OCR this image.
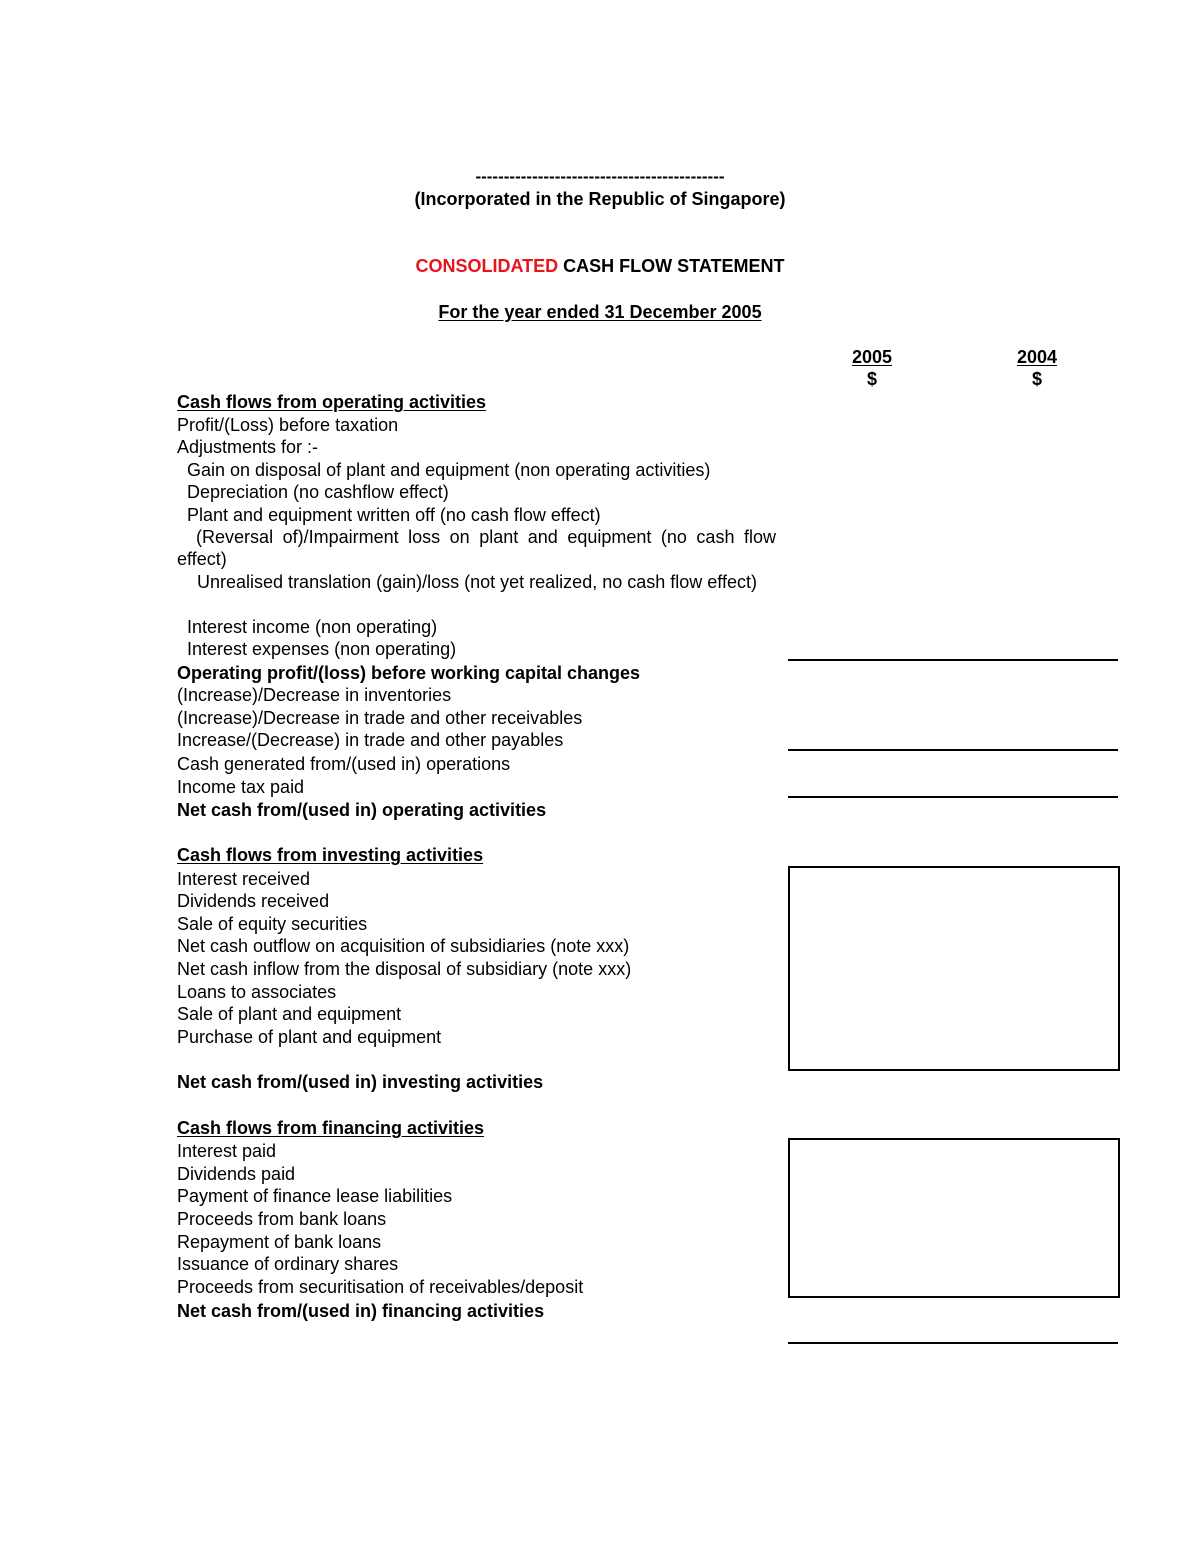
--------------------------------------------
(Incorporated in the Republic of Singapore)
CONSOLIDATED CASH FLOW STATEMENT
For the year ended 31 December 2005
2005
$
2004
$
Cash flows from operating activities
Profit/(Loss) before taxation
Adjustments for :-
Gain on disposal of plant and equipment (non operating activities)
Depreciation (no cashflow effect)
Plant and equipment written off (no cash flow effect)
(Reversal of)/Impairment loss on plant and equipment (no cash flow effect)
Unrealised translation (gain)/loss (not yet realized, no cash flow effect)
Interest income (non operating)
Interest expenses (non operating)
Operating profit/(loss) before working capital changes
(Increase)/Decrease in inventories
(Increase)/Decrease in trade and other receivables
Increase/(Decrease) in trade and other payables
Cash generated from/(used in) operations
Income tax paid
Net cash from/(used in) operating activities
Cash flows from investing activities
Interest received
Dividends received
Sale of equity securities
Net cash outflow on acquisition of subsidiaries (note xxx)
Net cash inflow from the disposal of subsidiary (note xxx)
Loans to associates
Sale of plant and equipment
Purchase of plant and equipment
Net cash from/(used in) investing activities
Cash flows from financing activities
Interest paid
Dividends paid
Payment of finance lease liabilities
Proceeds from bank loans
Repayment of bank loans
Issuance of ordinary shares
Proceeds from securitisation of receivables/deposit
Net cash from/(used in) financing activities
